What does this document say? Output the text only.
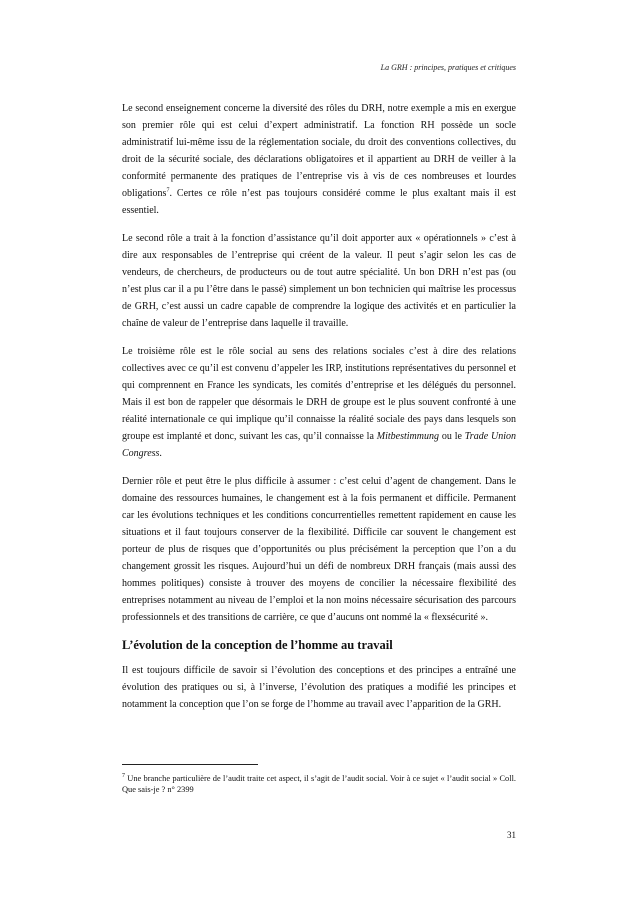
La GRH : principes, pratiques et critiques

Le second enseignement concerne la diversité des rôles du DRH, notre exemple a mis en exergue son premier rôle qui est celui d’expert administratif. La fonction RH possède un socle administratif lui-même issu de la réglementation sociale, du droit des conventions collectives, du droit de la sécurité sociale, des déclarations obligatoires et il appartient au DRH de veiller à la conformité permanente des pratiques de l’entreprise vis à vis de ces nombreuses et lourdes obligations$^7$. Certes ce rôle n’est pas toujours considéré comme le plus exaltant mais il est essentiel.

Le second rôle a trait à la fonction d’assistance qu’il doit apporter aux « opérationnels » c’est à dire aux responsables de l’entreprise qui créent de la valeur. Il peut s’agir selon les cas de vendeurs, de chercheurs, de producteurs ou de tout autre spécialité. Un bon DRH n’est pas (ou n’est plus car il a pu l’être dans le passé) simplement un bon technicien qui maîtrise les processus de GRH, c’est aussi un cadre capable de comprendre la logique des activités et en particulier la chaîne de valeur de l’entreprise dans laquelle il travaille.

Le troisième rôle est le rôle social au sens des relations sociales c’est à dire des relations collectives avec ce qu’il est convenu d’appeler les IRP, institutions représentatives du personnel et qui comprennent en France les syndicats, les comités d’entreprise et les délégués du personnel. Mais il est bon de rappeler que désormais le DRH de groupe est le plus souvent confronté à une réalité internationale ce qui implique qu’il connaisse la réalité sociale des pays dans lesquels son groupe est implanté et donc, suivant les cas, qu’il connaisse la Mitbestimmung ou le Trade Union Congress.

Dernier rôle et peut être le plus difficile à assumer : c’est celui d’agent de changement. Dans le domaine des ressources humaines, le changement est à la fois permanent et difficile. Permanent car les évolutions techniques et les conditions concurrentielles remettent rapidement en cause les situations et il faut toujours conserver de la flexibilité. Difficile car souvent le changement est porteur de plus de risques que d’opportunités ou plus précisément la perception que l’on a du changement grossit les risques. Aujourd’hui un défi de nombreux DRH français (mais aussi des hommes politiques) consiste à trouver des moyens de concilier la nécessaire flexibilité des entreprises notamment au niveau de l’emploi et la non moins nécessaire sécurisation des parcours professionnels et des transitions de carrière, ce que d’aucuns ont nommé la « flexsécurité ».

L’évolution de la conception de l’homme au travail

Il est toujours difficile de savoir si l’évolution des conceptions et des principes a entraîné une évolution des pratiques ou si, à l’inverse, l’évolution des pratiques a modifié les principes et notamment la conception que l’on se forge de l’homme au travail avec l’apparition de la GRH.

$^7$ Une branche particulière de l’audit traite cet aspect, il s’agit de l’audit social. Voir à ce sujet « l’audit social » Coll. Que sais-je ? n° 2399

31
